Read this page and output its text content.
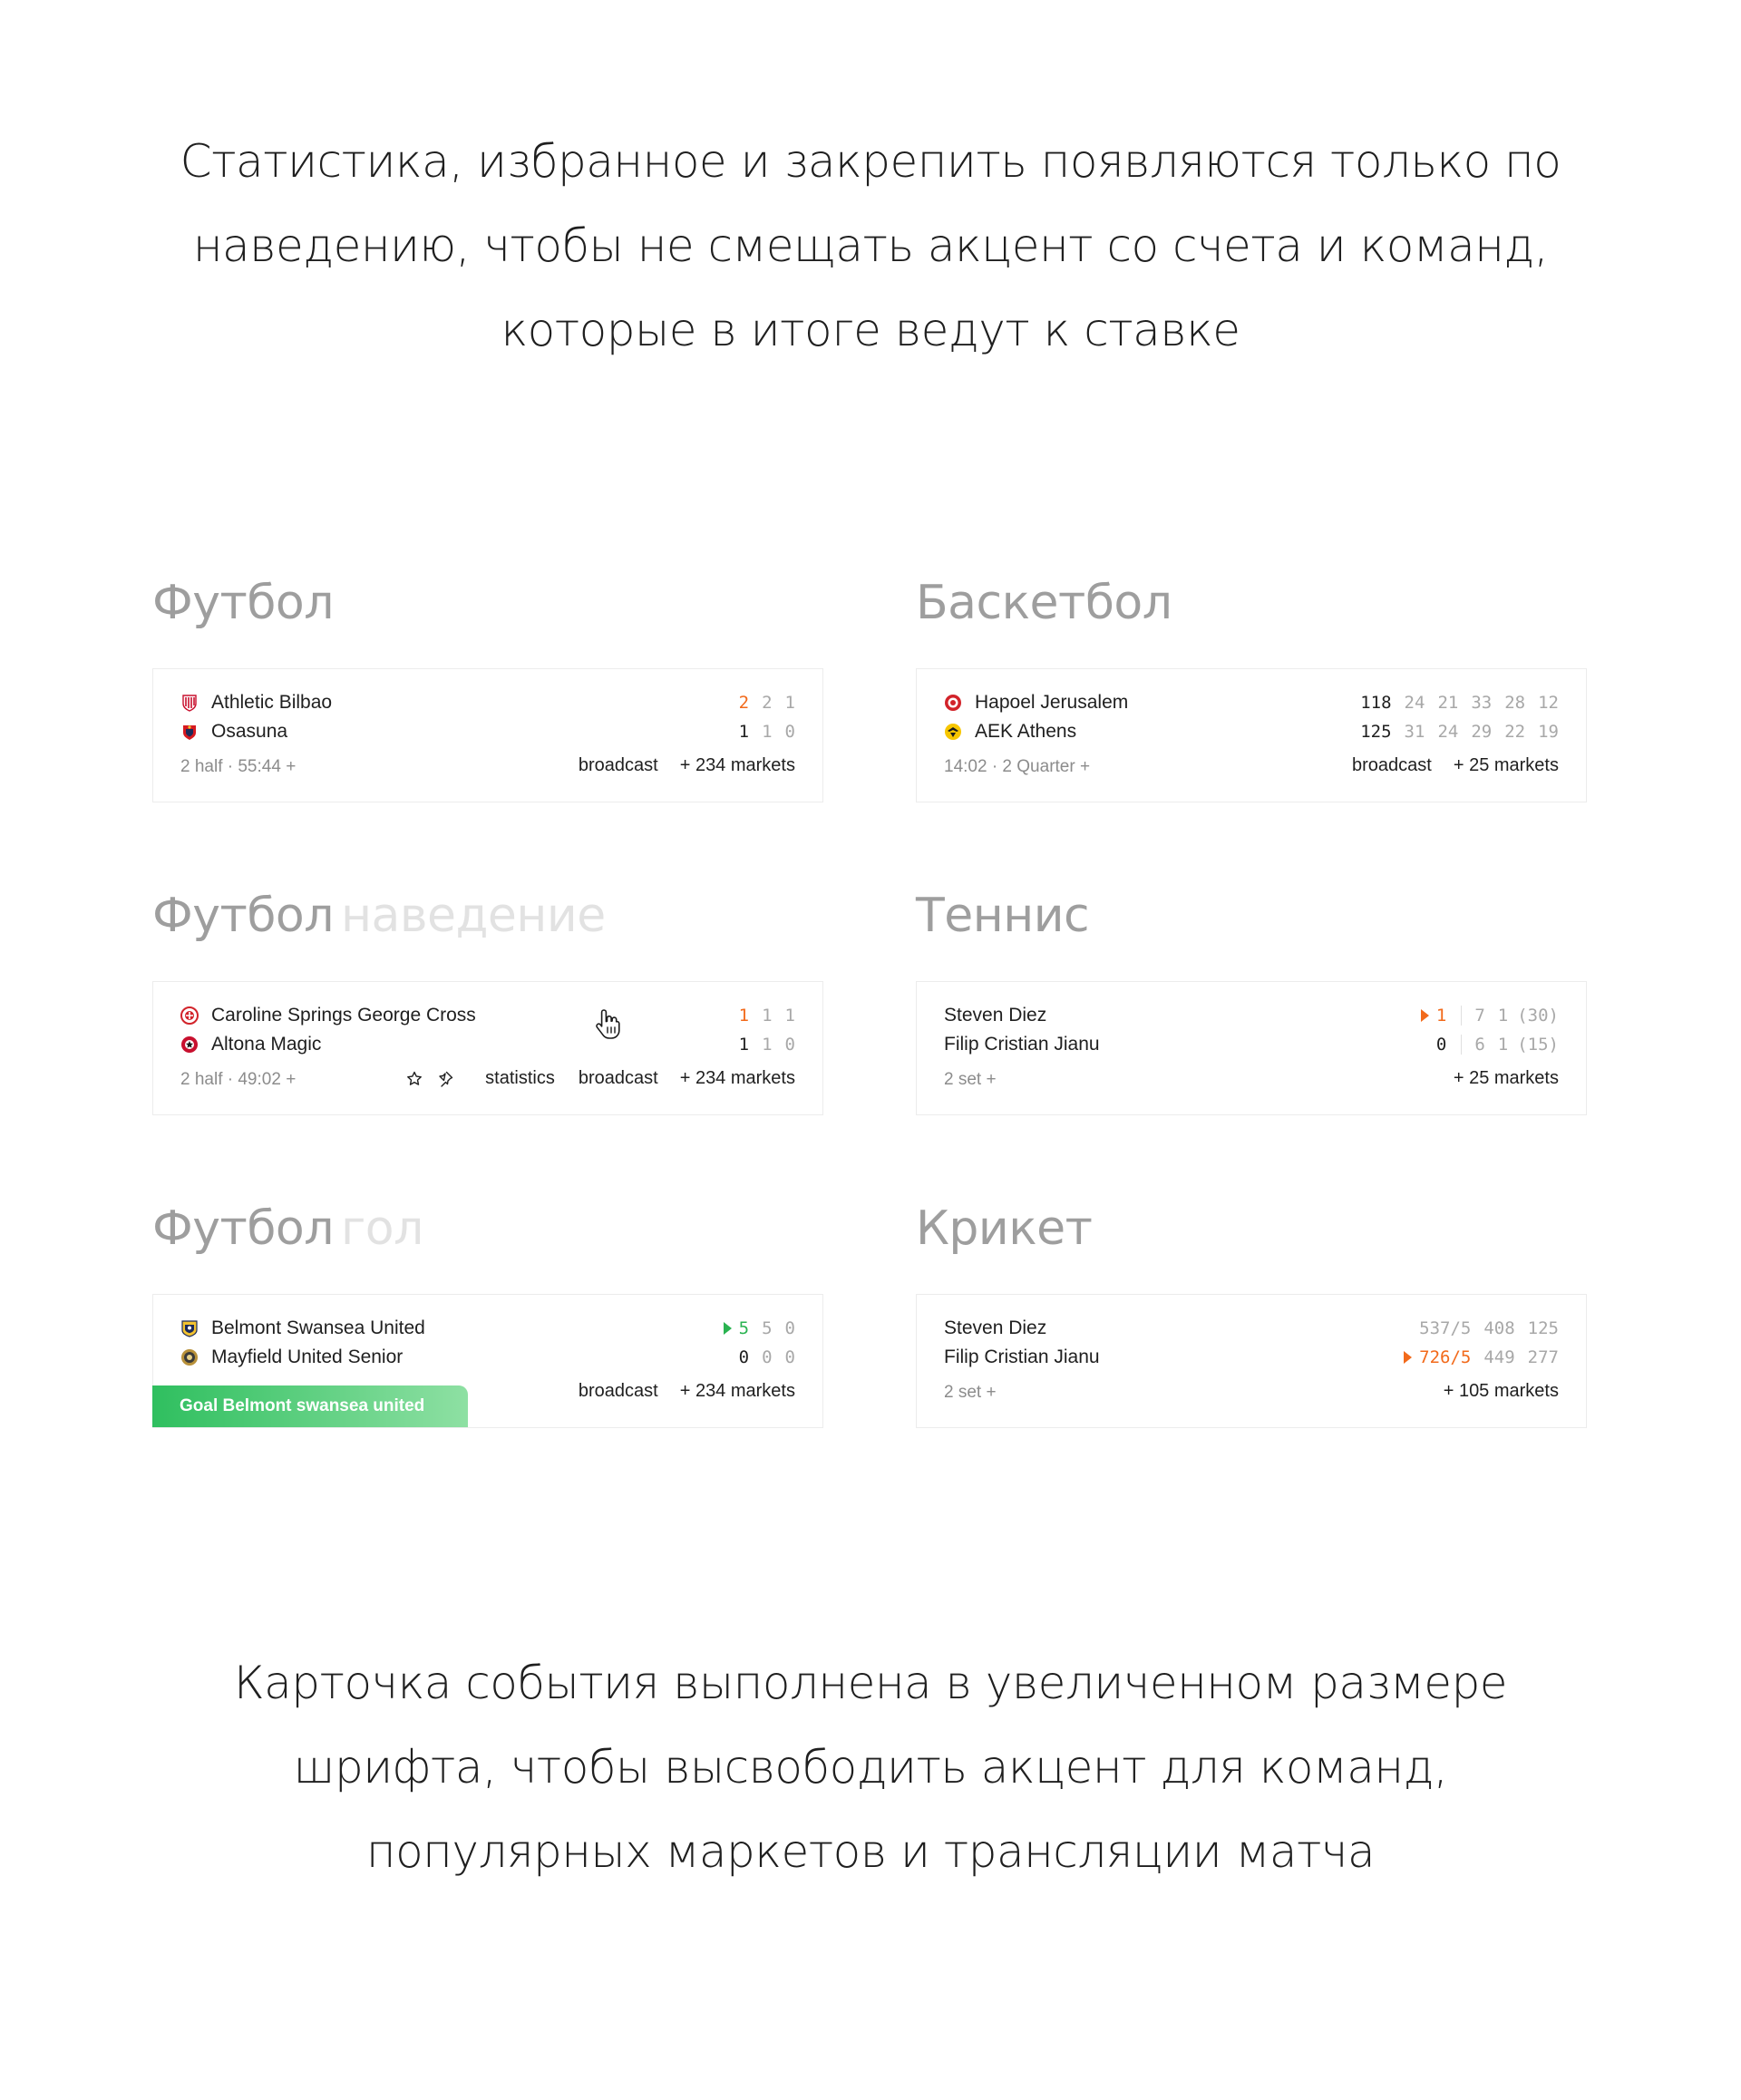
Статистика, избранное и закрепить появляются только по
наведению, чтобы не смещать акцент со счета и команд,
которые в итоге ведут к ставке
Футбол	Баскетбол
Футбол наведение	Теннис
Футбол гол	Крикет
Athletic Bilbao	2 2 1
Osasuna	1 1 0
2 half · 55:44 +	broadcast + 234 markets
Hapoel Jerusalem	118 24 21 33 28 12
AEK Athens	125 31 24 29 22 19
14:02 · 2 Quarter +	broadcast + 25 markets
Caroline Springs George Cross	1 1 1
Altona Magic	1 1 0
2 half · 49:02 +	statistics broadcast + 234 markets
Steven Diez	1 7 1 (30)
Filip Cristian Jianu	0 6 1 (15)
2 set +	+ 25 markets
Belmont Swansea United	5 5 0
Mayfield United Senior	0 0 0
Goal Belmont swansea united
broadcast + 234 markets
Steven Diez	537/5 408 125
Filip Cristian Jianu	726/5 449 277
2 set +	+ 105 markets
Карточка события выполнена в увеличенном размере
шрифта, чтобы высвободить акцент для команд,
популярных маркетов и трансляции матча
